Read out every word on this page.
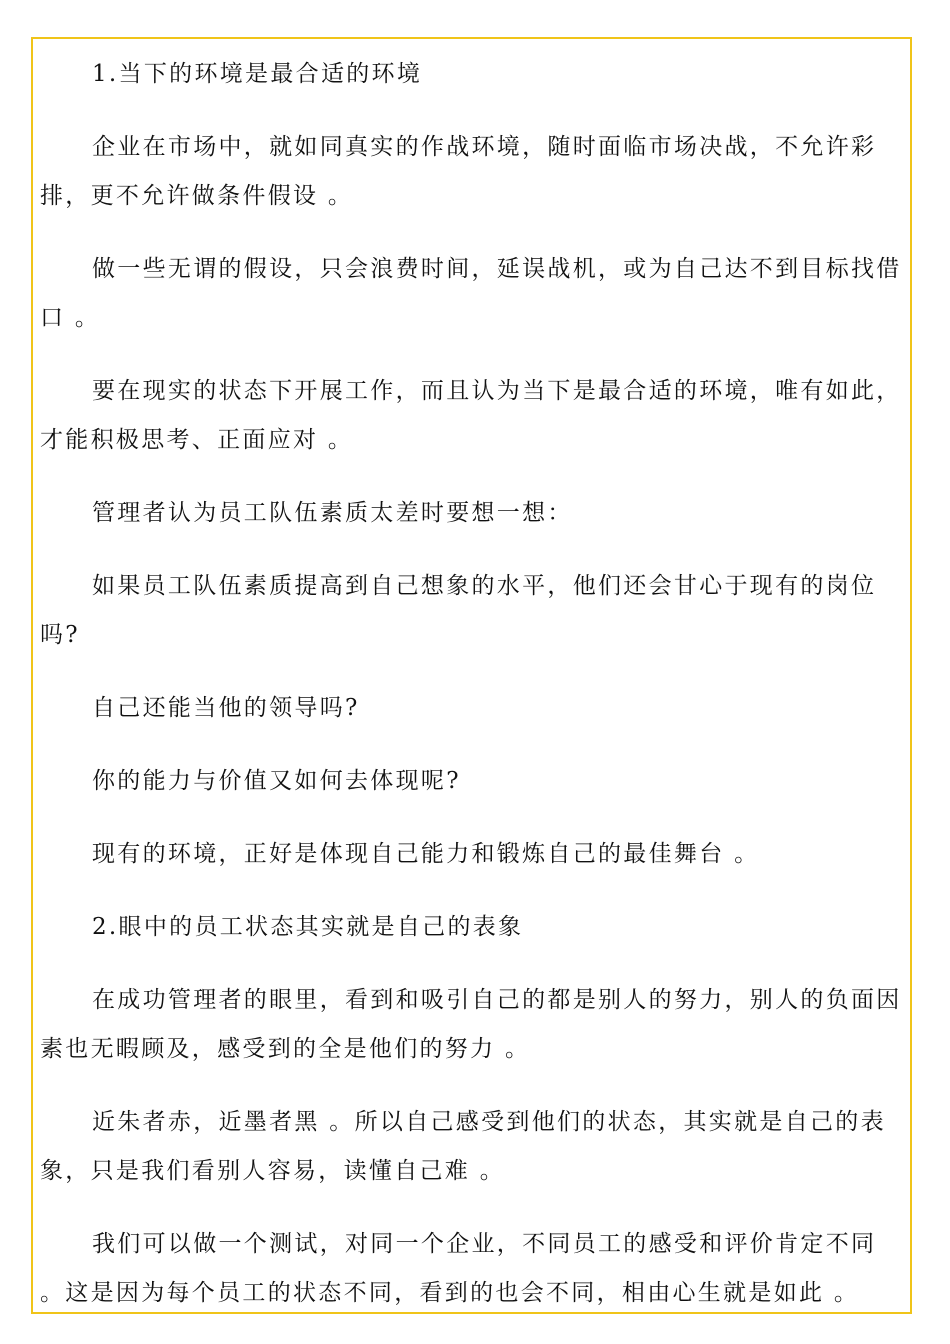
1.当下的环境是最合适的环境

企业在市场中，就如同真实的作战环境，随时面临市场决战，不允许彩排，更不允许做条件假设 。

做一些无谓的假设，只会浪费时间，延误战机，或为自己达不到目标找借口 。

要在现实的状态下开展工作，而且认为当下是最合适的环境，唯有如此，才能积极思考、正面应对 。

管理者认为员工队伍素质太差时要想一想：

如果员工队伍素质提高到自己想象的水平，他们还会甘心于现有的岗位吗?

自己还能当他的领导吗?

你的能力与价值又如何去体现呢?

现有的环境，正好是体现自己能力和锻炼自己的最佳舞台 。

2.眼中的员工状态其实就是自己的表象

在成功管理者的眼里，看到和吸引自己的都是别人的努力，别人的负面因素也无暇顾及，感受到的全是他们的努力 。

近朱者赤，近墨者黑 。所以自己感受到他们的状态，其实就是自己的表象，只是我们看别人容易，读懂自己难 。

我们可以做一个测试，对同一个企业，不同员工的感受和评价肯定不同 。这是因为每个员工的状态不同，看到的也会不同，相由心生就是如此 。
